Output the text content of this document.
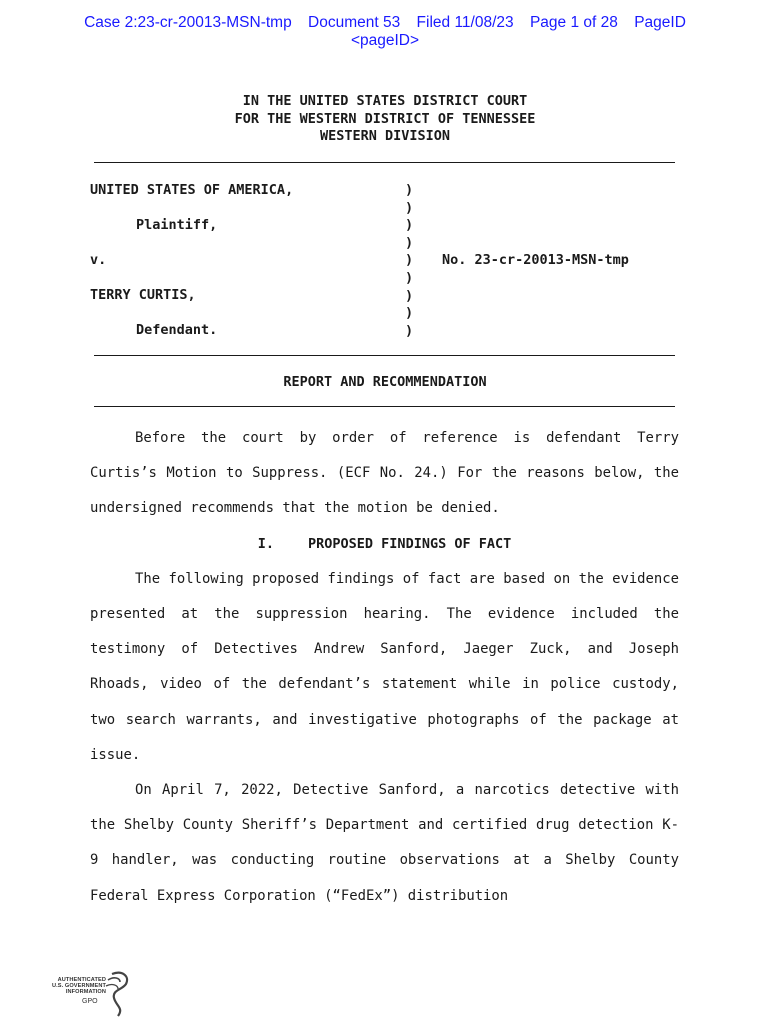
Case 2:23-cr-20013-MSN-tmp Document 53 Filed 11/08/23 Page 1 of 28 PageID
<pageID>
IN THE UNITED STATES DISTRICT COURT
FOR THE WESTERN DISTRICT OF TENNESSEE
WESTERN DIVISION
UNITED STATES OF AMERICA,
Plaintiff,
v.
TERRY CURTIS,
Defendant.
No. 23-cr-20013-MSN-tmp
)
)
)
)
)
)
)
)
)
REPORT AND RECOMMENDATION

Before the court by order of reference is defendant Terry Curtis’s Motion to Suppress. (ECF No. 24.) For the reasons below, the undersigned recommends that the motion be denied.

I.	PROPOSED FINDINGS OF FACT

The following proposed findings of fact are based on the evidence presented at the suppression hearing. The evidence included the testimony of Detectives Andrew Sanford, Jaeger Zuck, and Joseph Rhoads, video of the defendant’s statement while in police custody, two search warrants, and investigative photographs of the package at issue.

On April 7, 2022, Detective Sanford, a narcotics detective with the Shelby County Sheriff’s Department and certified drug detection K-9 handler, was conducting routine observations at a Shelby County Federal Express Corporation (“FedEx”) distribution

AUTHENTICATED
U.S. GOVERNMENT
INFORMATION
GPO
